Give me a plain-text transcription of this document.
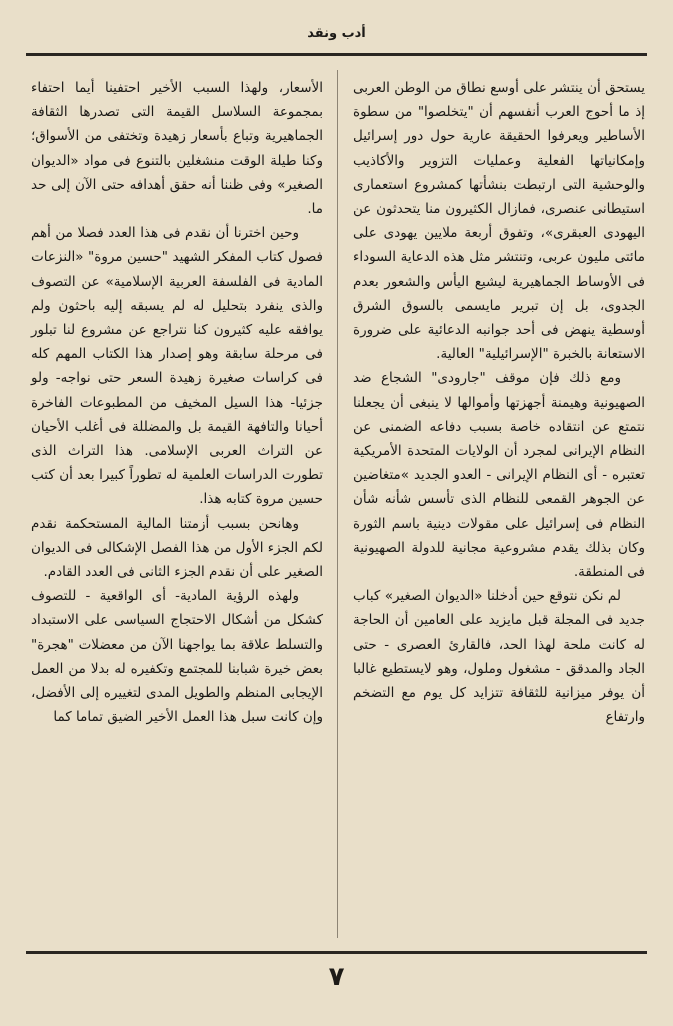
أدب ونقد

يستحق أن ينتشر على أوسع نطاق من الوطن العربى إذ ما أحوج العرب أنفسهم أن "يتخلصوا" من سطوة الأساطير ويعرفوا الحقيقة عارية حول دور إسرائيل وإمكانياتها الفعلية وعمليات التزوير والأكاذيب والوحشية التى ارتبطت بنشأتها كمشروع استعمارى استيطانى عنصرى، فمازال الكثيرون منا يتحدثون عن اليهودى العبقرى»، وتفوق أربعة ملايين يهودى على مائتى مليون عربى، وتنتشر مثل هذه الدعاية السوداء فى الأوساط الجماهيرية ليشيع اليأس والشعور بعدم الجدوى، بل إن تبرير مايسمى بالسوق الشرق أوسطية ينهض فى أحد جوانبه الدعائية على ضرورة الاستعانة بالخبرة "الإسرائيلية" العالية.

ومع ذلك فإن موقف "جارودى" الشجاع ضد الصهيونية وهيمنة أجهزتها وأموالها لا ينبغى أن يجعلنا نتمتع عن انتقاده خاصة بسبب دفاعه الضمنى عن النظام الإيرانى لمجرد أن الولايات المتحدة الأمريكية تعتبره - أى النظام الإيرانى - العدو الجديد »متغاضين عن الجوهر القمعى للنظام الذى تأسس شأنه شأن النظام فى إسرائيل على مقولات دينية باسم الثورة وكان بذلك يقدم مشروعية مجانية للدولة الصهيونية فى المنطقة.

لم نكن نتوقع حين أدخلنا «الديوان الصغير» كباب جديد فى المجلة قبل مايزيد على العامين أن الحاجة له كانت ملحة لهذا الحد، فالقارئ العصرى - حتى الجاد والمدقق - مشغول وملول، وهو لايستطيع غالبا أن يوفر ميزانية للثقافة تتزايد كل يوم مع التضخم وارتفاع

الأسعار، ولهذا السبب الأخير احتفينا أيما احتفاء بمجموعة السلاسل القيمة التى تصدرها الثقافة الجماهيرية وتباع بأسعار زهيدة وتختفى من الأسواق؛ وكنا طيلة الوقت منشغلين بالتنوع فى مواد «الديوان الصغير» وفى ظننا أنه حقق أهدافه حتى الآن إلى حد ما.

وحين اخترنا أن نقدم فى هذا العدد فصلا من أهم فصول كتاب المفكر الشهيد "حسين مروة" «النزعات المادية فى الفلسفة العربية الإسلامية» عن التصوف والذى ينفرد بتحليل له لم يسبقه إليه باحثون ولم يوافقه عليه كثيرون كنا نتراجع عن مشروع لنا تبلور فى مرحلة سابقة وهو إصدار هذا الكتاب المهم كله فى كراسات صغيرة زهيدة السعر حتى نواجه- ولو جزئيا- هذا السيل المخيف من المطبوعات الفاخرة أحيانا والتافهة القيمة بل والمضللة فى أغلب الأحيان عن التراث العربى الإسلامى. هذا التراث الذى تطورت الدراسات العلمية له تطوراً كبيرا بعد أن كتب حسين مروة كتابه هذا.

وهانحن بسبب أزمتنا المالية المستحكمة نقدم لكم الجزء الأول من هذا الفصل الإشكالى فى الديوان الصغير على أن نقدم الجزء الثانى فى العدد القادم.

ولهذه الرؤية المادية- أى الواقعية - للتصوف كشكل من أشكال الاحتجاج السياسى على الاستبداد والتسلط علاقة بما يواجهنا الآن من معضلات "هجرة" بعض خيرة شبابنا للمجتمع وتكفيره له بدلا من العمل الإيجابى المنظم والطويل المدى لتغييره إلى الأفضل، وإن كانت سبل هذا العمل الأخير الضيق تماما كما

٧
